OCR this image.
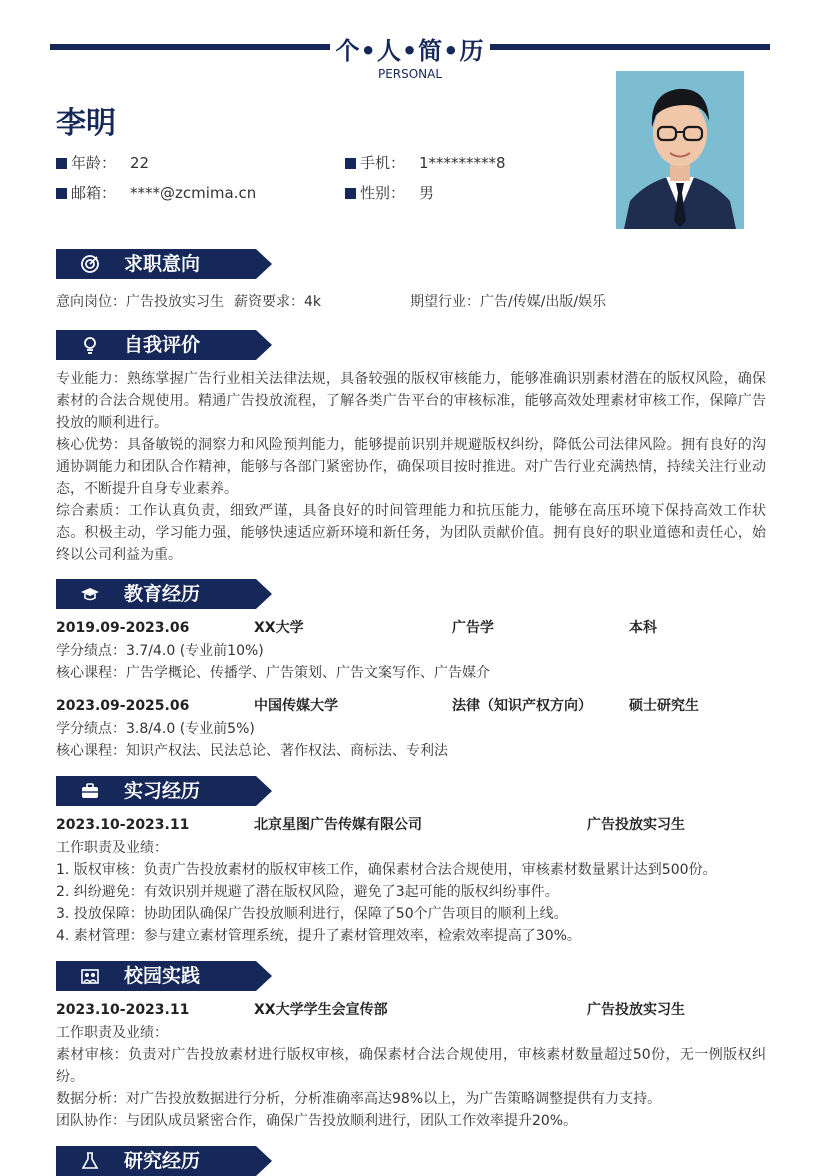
个•人•简•历
PERSONAL
李明
年龄： 22	手机： 1*********8
邮箱： ****@zcmima.cn	性别： 男
求职意向
意向岗位：广告投放实习生 薪资要求：4k	期望行业：广告/传媒/出版/娱乐
自我评价
专业能力：熟练掌握广告行业相关法律法规，具备较强的版权审核能力，能够准确识别素材潜在的版权风险，确保素材的合法合规使用。精通广告投放流程，了解各类广告平台的审核标准，能够高效处理素材审核工作，保障广告投放的顺利进行。
核心优势：具备敏锐的洞察力和风险预判能力，能够提前识别并规避版权纠纷，降低公司法律风险。拥有良好的沟通协调能力和团队合作精神，能够与各部门紧密协作，确保项目按时推进。对广告行业充满热情，持续关注行业动态，不断提升自身专业素养。
综合素质：工作认真负责，细致严谨，具备良好的时间管理能力和抗压能力，能够在高压环境下保持高效工作状态。积极主动，学习能力强，能够快速适应新环境和新任务，为团队贡献价值。拥有良好的职业道德和责任心，始终以公司利益为重。
教育经历
2019.09-2023.06	XX大学	广告学	本科
学分绩点：3.7/4.0 (专业前10%)
核心课程：广告学概论、传播学、广告策划、广告文案写作、广告媒介
2023.09-2025.06	中国传媒大学	法律（知识产权方向）	硕士研究生
学分绩点：3.8/4.0 (专业前5%)
核心课程：知识产权法、民法总论、著作权法、商标法、专利法
实习经历
2023.10-2023.11	北京星图广告传媒有限公司	广告投放实习生
工作职责及业绩：
1. 版权审核：负责广告投放素材的版权审核工作，确保素材合法合规使用，审核素材数量累计达到500份。
2. 纠纷避免：有效识别并规避了潜在版权风险，避免了3起可能的版权纠纷事件。
3. 投放保障：协助团队确保广告投放顺利进行，保障了50个广告项目的顺利上线。
4. 素材管理：参与建立素材管理系统，提升了素材管理效率，检索效率提高了30%。
校园实践
2023.10-2023.11	XX大学学生会宣传部	广告投放实习生
工作职责及业绩：
素材审核：负责对广告投放素材进行版权审核，确保素材合法合规使用，审核素材数量超过50份，无一例版权纠纷。
数据分析：对广告投放数据进行分析，分析准确率高达98%以上，为广告策略调整提供有力支持。
团队协作：与团队成员紧密合作，确保广告投放顺利进行，团队工作效率提升20%。
研究经历
